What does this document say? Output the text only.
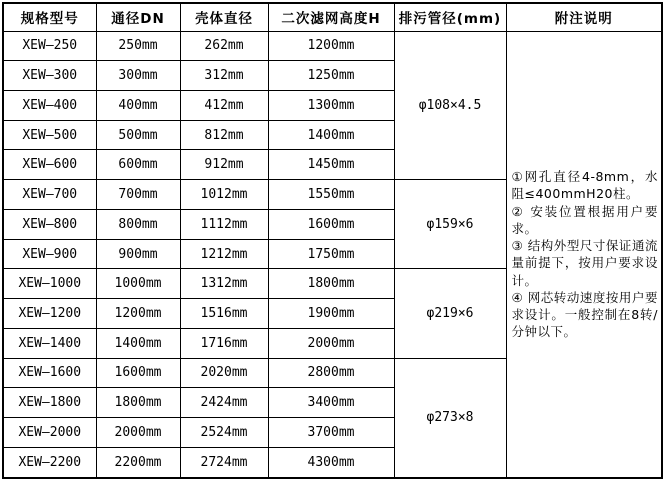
规格型号	通径DN	壳体直径	二次滤网高度H	排污管径(mm)	附注说明
XEW—250	250mm	262mm	1200mm	φ108×4.5	①网孔直径4-8mm，水阻≤400mmH20柱。

② 安装位置根据用户要求。

③ 结构外型尺寸保证通流量前提下，按用户要求设计。

④ 网芯转动速度按用户要求设计。一般控制在8转/分钟以下。

XEW—300	300mm	312mm	1250mm		
XEW—400	400mm	412mm	1300mm		
XEW—500	500mm	812mm	1400mm		
XEW—600	600mm	912mm	1450mm		
XEW—700	700mm	1012mm	1550mm	φ159×6	
XEW—800	800mm	1112mm	1600mm		
XEW—900	900mm	1212mm	1750mm		
XEW—1000	1000mm	1312mm	1800mm	φ219×6	
XEW—1200	1200mm	1516mm	1900mm		
XEW—1400	1400mm	1716mm	2000mm		
XEW—1600	1600mm	2020mm	2800mm	φ273×8	
XEW—1800	1800mm	2424mm	3400mm		
XEW—2000	2000mm	2524mm	3700mm		
XEW—2200	2200mm	2724mm	4300mm		
